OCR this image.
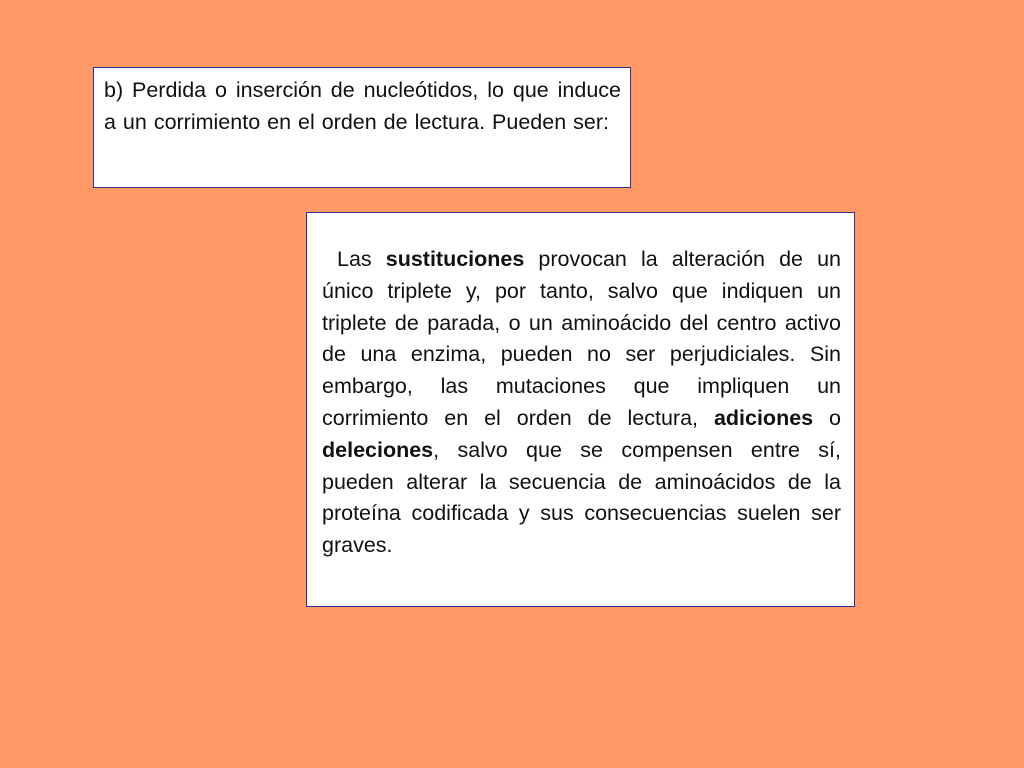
b) Perdida o inserción de nucleótidos, lo que induce a un corrimiento en el orden de lectura. Pueden ser:
Las sustituciones provocan la alteración de un único triplete y, por tanto, salvo que indiquen un triplete de parada, o un aminoácido del centro activo de una enzima, pueden no ser perjudiciales. Sin embargo, las mutaciones que impliquen un corrimiento en el orden de lectura, adiciones o deleciones, salvo que se compensen entre sí, pueden alterar la secuencia de aminoácidos de la proteína codificada y sus consecuencias suelen ser graves.
